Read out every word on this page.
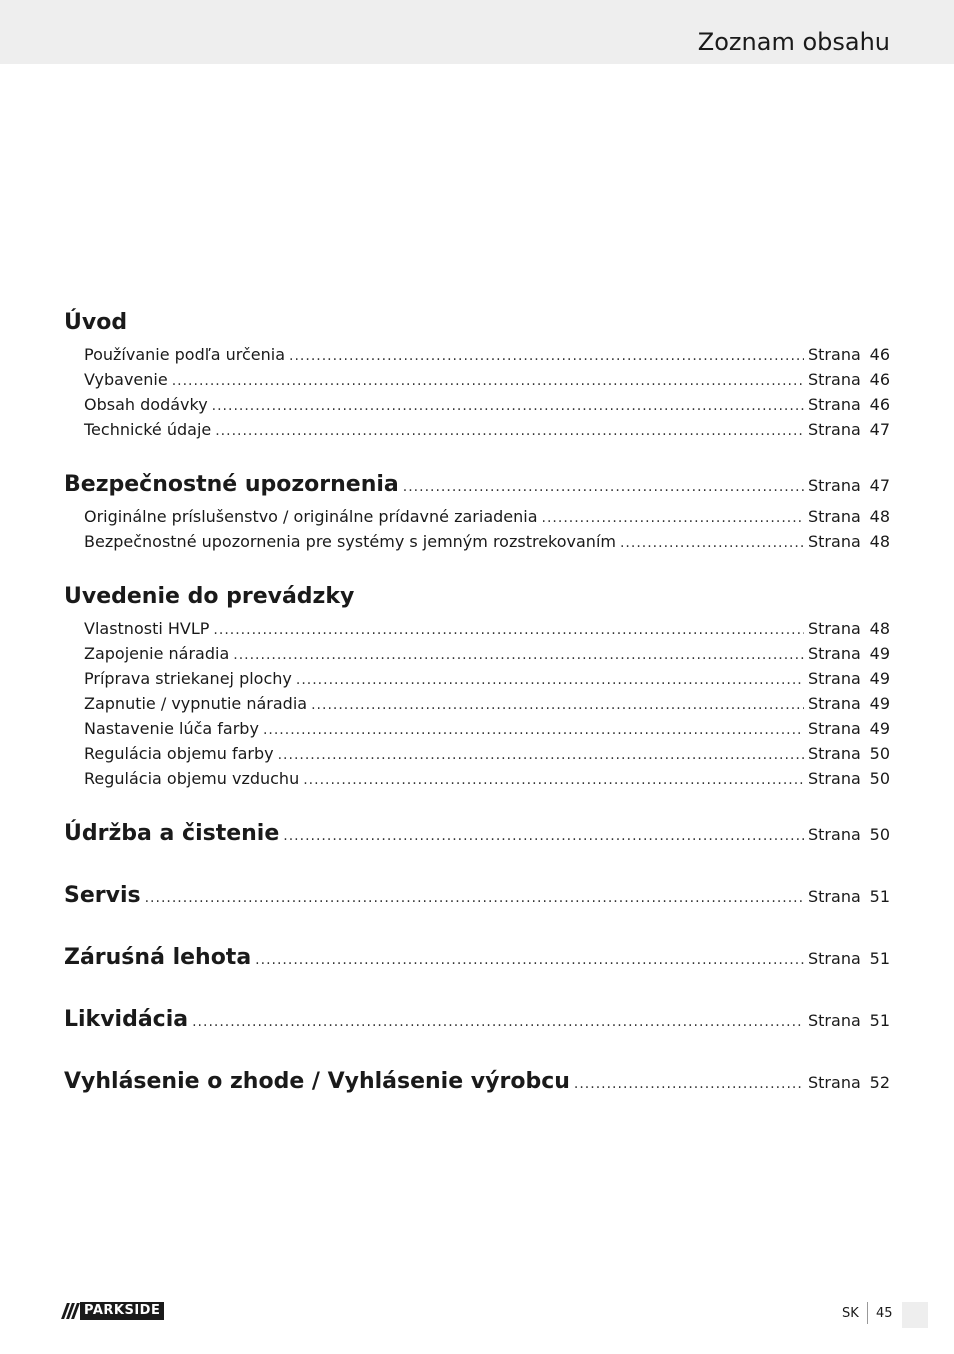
Zoznam obsahu
Úvod
Používanie podľa určenia .....	Strana 46
Vybavenie .....	Strana 46
Obsah dodávky .....	Strana 46
Technické údaje .....	Strana 47
Bezpečnostné upozornenia .....	Strana 47
Originálne príslušenstvo / originálne prídavné zariadenia .....	Strana 48
Bezpečnostné upozornenia pre systémy s jemným rozstrekovaním .....	Strana 48
Uvedenie do prevádzky
Vlastnosti HVLP .....	Strana 48
Zapojenie náradia .....	Strana 49
Príprava striekanej plochy .....	Strana 49
Zapnutie / vypnutie náradia .....	Strana 49
Nastavenie lúča farby .....	Strana 49
Regulácia objemu farby .....	Strana 50
Regulácia objemu vzduchu .....	Strana 50
Údržba a čistenie .....	Strana 50
Servis .....	Strana 51
Záruśná lehota .....	Strana 51
Likvidácia .....	Strana 51
Vyhlásenie o zhode / Vyhlásenie výrobcu .....	Strana 52
PARKSIDE	SK 45
